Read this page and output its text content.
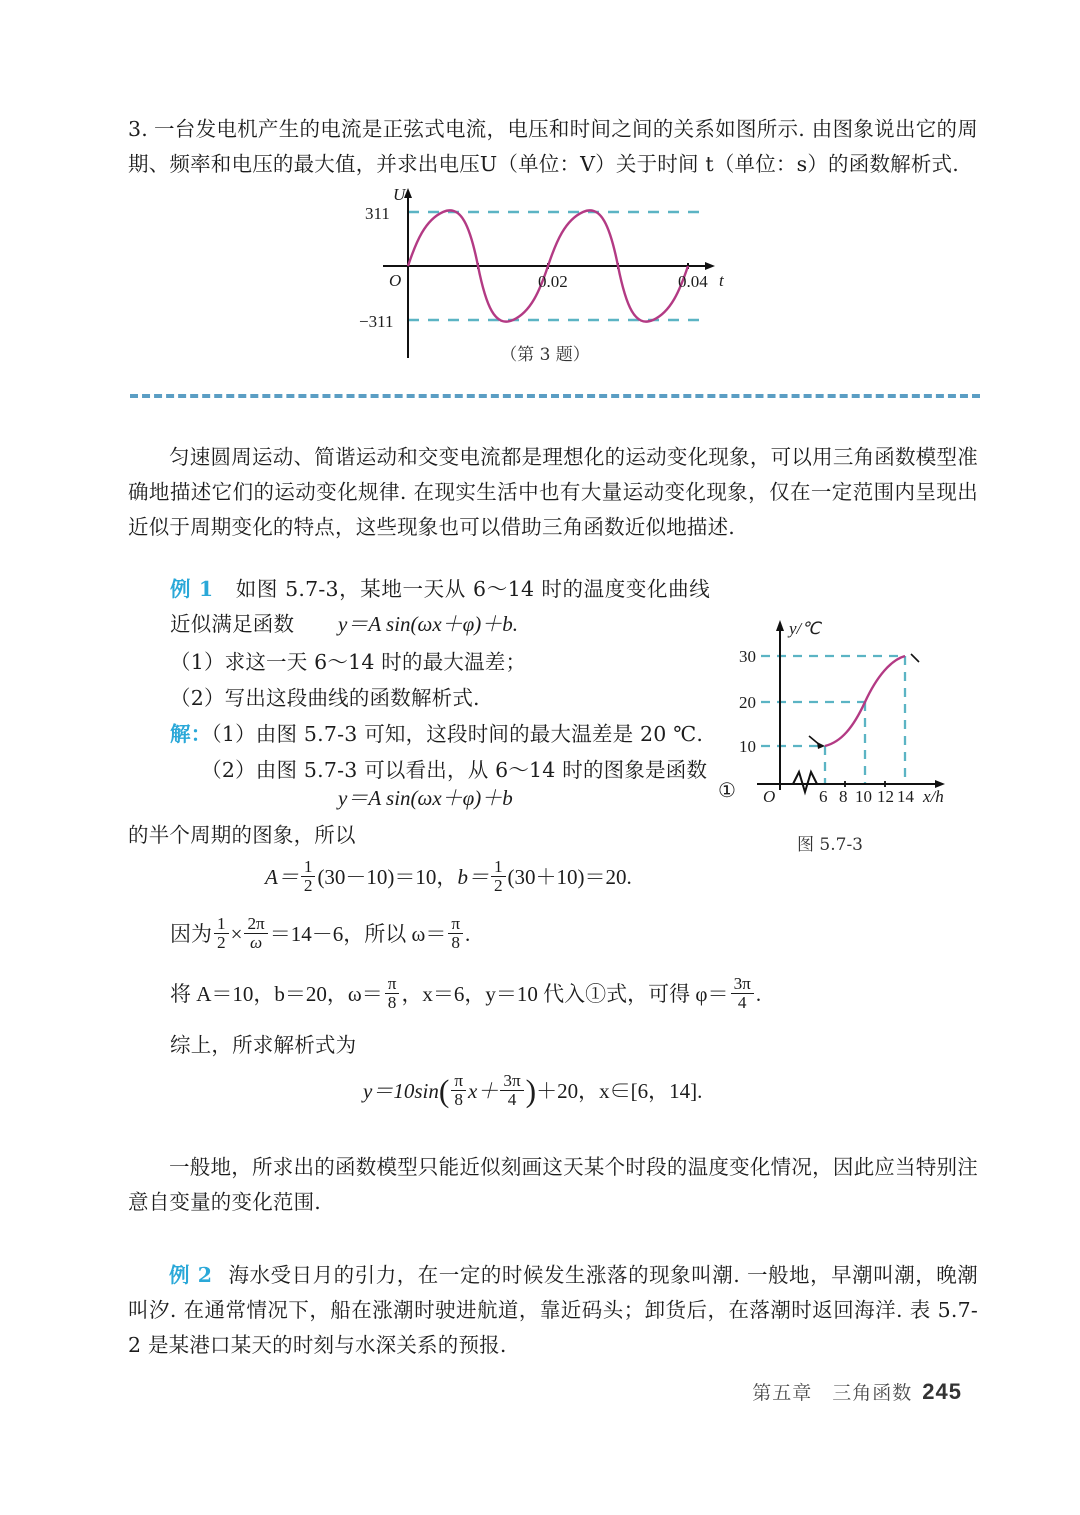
3. 一台发电机产生的电流是正弦式电流，电压和时间之间的关系如图所示. 由图象说出它的周期、频率和电压的最大值，并求出电压U（单位：V）关于时间 t（单位：s）的函数解析式.
U
311
−311
O	0.02	0.04 t
（第 3 题）
匀速圆周运动、简谐运动和交变电流都是理想化的运动变化现象，可以用三角函数模型准确地描述它们的运动变化规律. 在现实生活中也有大量运动变化现象，仅在一定范围内呈现出近似于周期变化的特点，这些现象也可以借助三角函数近似地描述.
例 1 如图 5.7-3，某地一天从 6～14 时的温度变化曲线近似满足函数	y＝A sin(ωx＋φ)＋b.
（1）求这一天 6～14 时的最大温差；
（2）写出这段曲线的函数解析式.
解：（1）由图 5.7-3 可知，这段时间的最大温差是 20 ℃.
（2）由图 5.7-3 可以看出，从 6～14 时的图象是函数
y＝A sin(ωx＋φ)＋b
的半个周期的图象，所以
$A= \frac{1}{2} (30-10)=10$，$b= \frac{1}{2} (30+10)=20$.
因为 $\frac{1}{2} \times \frac{2\pi}{\omega} =14-6$，所以 $\omega= \frac{\pi}{8}$ .
将 A＝10，b＝20，$\omega= \frac{\pi}{8}$ ，x＝6，y＝10 代入①式，可得 $\varphi= \frac{3\pi}{4}$ .
综上，所求解析式为
$y=10\sin( \frac{\pi}{8} x+ \frac{3\pi}{4} )+20$，x∈[6，14].
①
y/℃
30
20
10
O	6 8 10 12 14 x/h
图 5.7-3
一般地，所求出的函数模型只能近似刻画这天某个时段的温度变化情况，因此应当特别注意自变量的变化范围.
例 2 海水受日月的引力，在一定的时候发生涨落的现象叫潮. 一般地，早潮叫潮，晚潮叫汐. 在通常情况下，船在涨潮时驶进航道，靠近码头；卸货后，在落潮时返回海洋. 表 5.7-2 是某港口某天的时刻与水深关系的预报.
第五章　三角函数 245
